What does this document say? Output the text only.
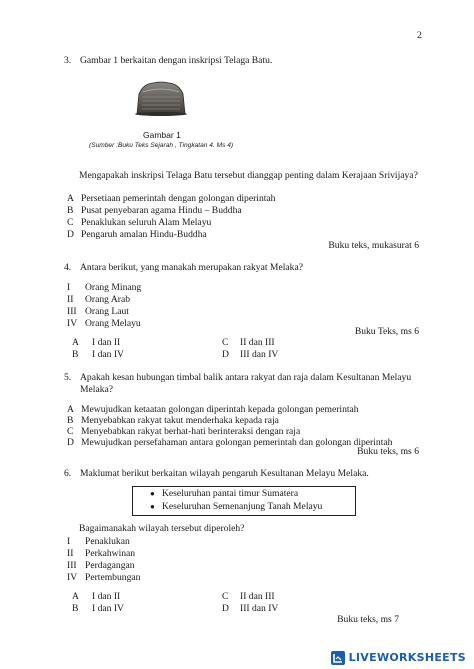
2
3. Gambar 1 berkaitan dengan inskripsi Telaga Batu.
Gambar 1
(Sumber :Buku Teks Sejarah , Tingkatan 4. Ms 4)
Mengapakah inskripsi Telaga Batu tersebut dianggap penting dalam Kerajaan Srivijaya?
A Persetiaan pemerintah dengan golongan diperintah
B Pusat penyebaran agama Hindu – Buddha
C Penaklukan seluruh Alam Melayu
D Pengaruh amalan Hindu-Buddha
Buku teks, mukasurat 6
4. Antara berikut, yang manakah merupakan rakyat Melaka?
I Orang Minang
II Orang Arab
III Orang Laut
IV Orang Melayu
Buku Teks, ms 6
A I dan II	C II dan III
B I dan IV	D III dan IV
5. Apakah kesan hubungan timbal balik antara rakyat dan raja dalam Kesultanan Melayu
Melaka?
A Mewujudkan ketaatan golongan diperintah kepada golongan pemerintah
B Menyebabkan rakyat takut menderhaka kepada raja
C Menyebabkan rakyat berhat-hati berinteraksi dengan raja
D Mewujudkan persefahaman antara golongan pemerintah dan golongan diperintah
Buku teks, ms 6
6. Maklumat berikut berkaitan wilayah pengaruh Kesultanan Melayu Melaka.
● Keseluruhan pantai timur Sumatera
● Keseluruhan Semenanjung Tanah Melayu
Bagaimanakah wilayah tersebut diperoleh?
I Penaklukan
II Perkahwinan
III Perdagangan
IV Pertembungan
A I dan II	C II dan III
B I dan IV	D III dan IV
Buku teks, ms 7
LIVEWORKSHEETS
